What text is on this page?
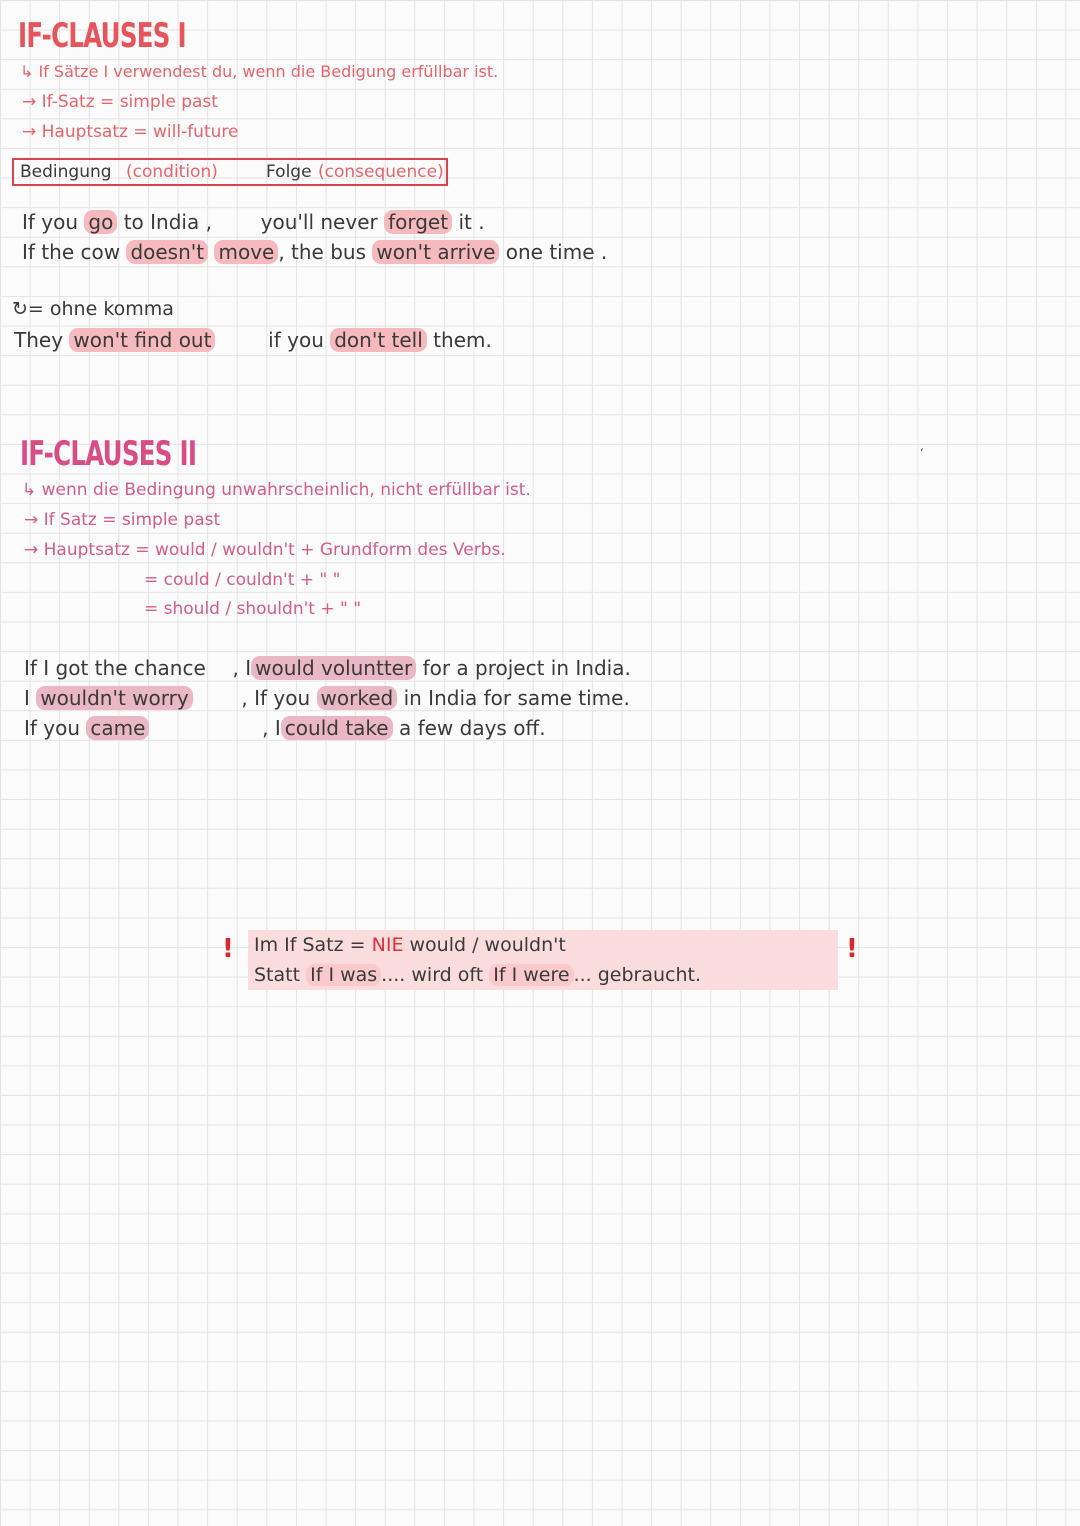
IF-CLAUSES I
↳ If Sätze I verwendest du, wenn die Bedigung erfüllbar ist.
→ If-Satz = simple past
→ Hauptsatz = will-future
Bedingung (condition)	Folge (consequence)
If you go to India , you'll never forget it .
If the cow doesn't move , the bus won't arrive one time .
↻= ohne komma
They won't find out	if you don't tell them.
‘
IF-CLAUSES II
↳ wenn die Bedingung unwahrscheinlich, nicht erfüllbar ist.
→ If Satz = simple past
→ Hauptsatz = would / wouldn't + Grundform des Verbs.
= could / couldn't + " "
= should / shouldn't + " "
If I got the chance , I would voluntter for a project in India.
I wouldn't worry	, If you worked in India for same time.
If you came	, I could take a few days off.
! Im If Satz = NIE would / wouldn't
Statt If I was .... wird oft If I were ... gebraucht.
!
